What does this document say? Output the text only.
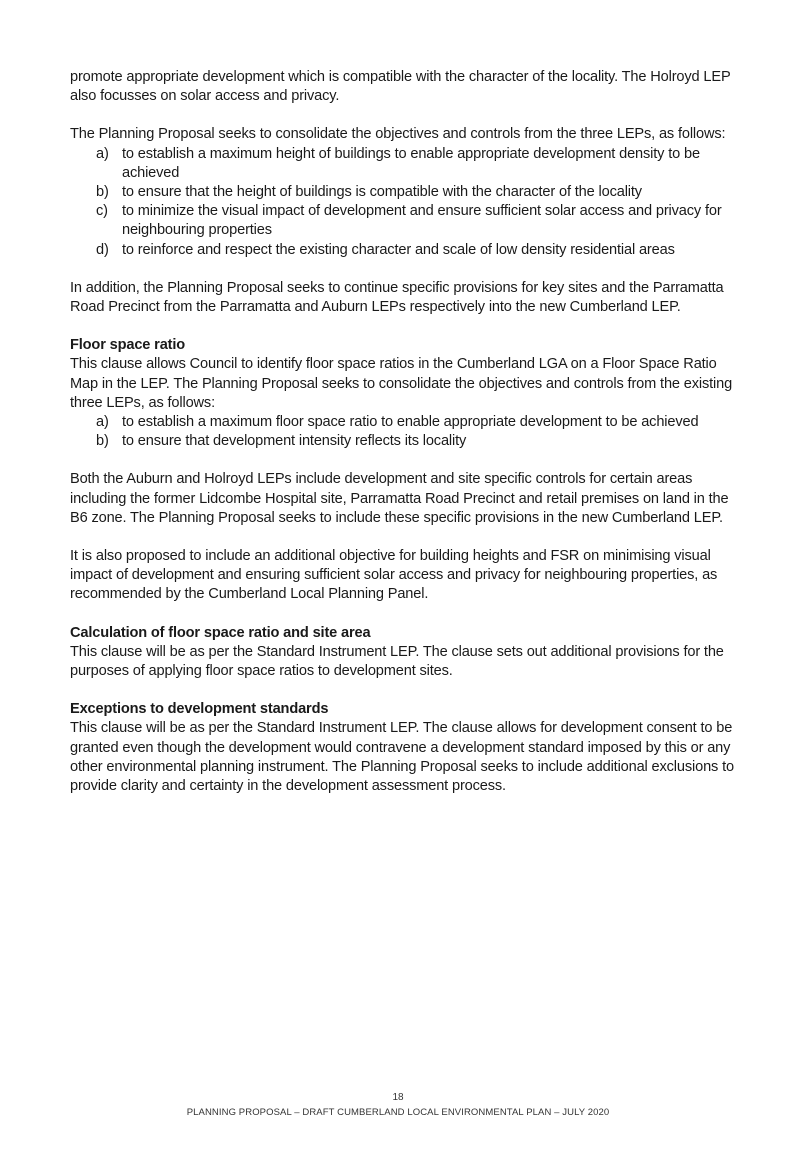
promote appropriate development which is compatible with the character of the locality. The Holroyd LEP also focusses on solar access and privacy.

The Planning Proposal seeks to consolidate the objectives and controls from the three LEPs, as follows:

a) to establish a maximum height of buildings to enable appropriate development density to be achieved
b) to ensure that the height of buildings is compatible with the character of the locality
c) to minimize the visual impact of development and ensure sufficient solar access and privacy for neighbouring properties
d) to reinforce and respect the existing character and scale of low density residential areas

In addition, the Planning Proposal seeks to continue specific provisions for key sites and the Parramatta Road Precinct from the Parramatta and Auburn LEPs respectively into the new Cumberland LEP.

Floor space ratio

This clause allows Council to identify floor space ratios in the Cumberland LGA on a Floor Space Ratio Map in the LEP. The Planning Proposal seeks to consolidate the objectives and controls from the existing three LEPs, as follows:

a) to establish a maximum floor space ratio to enable appropriate development to be achieved
b) to ensure that development intensity reflects its locality

Both the Auburn and Holroyd LEPs include development and site specific controls for certain areas including the former Lidcombe Hospital site, Parramatta Road Precinct and retail premises on land in the B6 zone. The Planning Proposal seeks to include these specific provisions in the new Cumberland LEP.

It is also proposed to include an additional objective for building heights and FSR on minimising visual impact of development and ensuring sufficient solar access and privacy for neighbouring properties, as recommended by the Cumberland Local Planning Panel.

Calculation of floor space ratio and site area

This clause will be as per the Standard Instrument LEP. The clause sets out additional provisions for the purposes of applying floor space ratios to development sites.

Exceptions to development standards

This clause will be as per the Standard Instrument LEP. The clause allows for development consent to be granted even though the development would contravene a development standard imposed by this or any other environmental planning instrument. The Planning Proposal seeks to include additional exclusions to provide clarity and certainty in the development assessment process.

18
PLANNING PROPOSAL – DRAFT CUMBERLAND LOCAL ENVIRONMENTAL PLAN – JULY 2020
